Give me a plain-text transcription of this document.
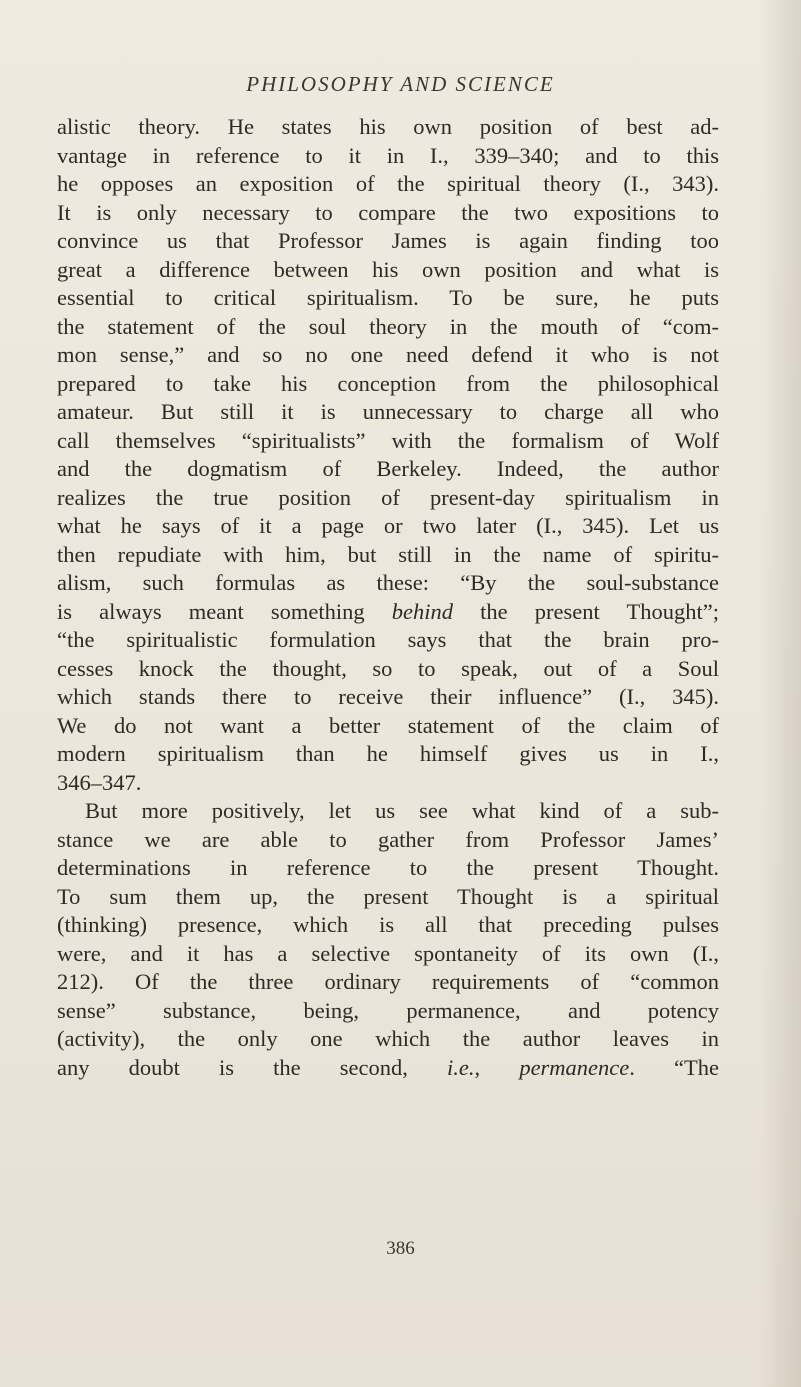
PHILOSOPHY AND SCIENCE
alistic theory. He states his own position of best ad-
vantage in reference to it in I., 339–340; and to this
he opposes an exposition of the spiritual theory (I., 343).
It is only necessary to compare the two expositions to
convince us that Professor James is again finding too
great a difference between his own position and what is
essential to critical spiritualism. To be sure, he puts
the statement of the soul theory in the mouth of “com-
mon sense,” and so no one need defend it who is not
prepared to take his conception from the philosophical
amateur. But still it is unnecessary to charge all who
call themselves “spiritualists” with the formalism of Wolf
and the dogmatism of Berkeley. Indeed, the author
realizes the true position of present-day spiritualism in
what he says of it a page or two later (I., 345). Let us
then repudiate with him, but still in the name of spiritu-
alism, such formulas as these: “By the soul-substance
is always meant something behind the present Thought”;
“the spiritualistic formulation says that the brain pro-
cesses knock the thought, so to speak, out of a Soul
which stands there to receive their influence” (I., 345).
We do not want a better statement of the claim of
modern spiritualism than he himself gives us in I.,
346–347.
But more positively, let us see what kind of a sub-
stance we are able to gather from Professor James’
determinations in reference to the present Thought.
To sum them up, the present Thought is a spiritual
(thinking) presence, which is all that preceding pulses
were, and it has a selective spontaneity of its own (I.,
212). Of the three ordinary requirements of “common
sense” substance, being, permanence, and potency
(activity), the only one which the author leaves in
any doubt is the second, i.e., permanence. “The
386
